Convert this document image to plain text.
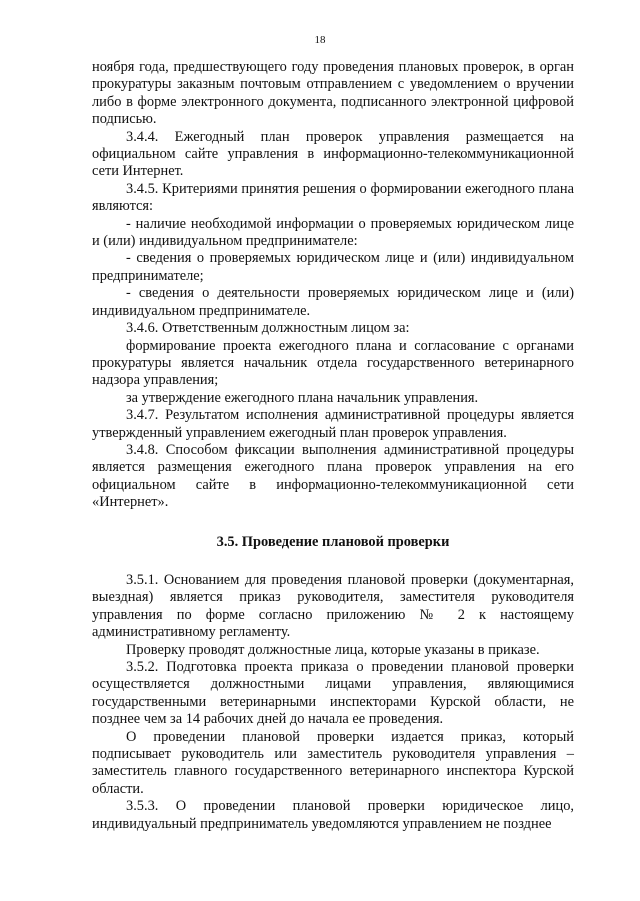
18

ноября года, предшествующего году проведения плановых проверок, в орган прокуратуры заказным почтовым отправлением с уведомлением о вручении либо в форме электронного документа, подписанного электронной цифровой подписью.

3.4.4. Ежегодный план проверок управления размещается на официальном сайте управления в информационно-телекоммуникационной сети Интернет.

3.4.5. Критериями принятия решения о формировании ежегодного плана являются:

- наличие необходимой информации о проверяемых юридическом лице и (или) индивидуальном предпринимателе:

- сведения о проверяемых юридическом лице и (или) индивидуальном предпринимателе;

- сведения о деятельности проверяемых юридическом лице и (или) индивидуальном предпринимателе.

3.4.6. Ответственным должностным лицом за:

формирование проекта ежегодного плана и согласование с органами прокуратуры является начальник отдела государственного ветеринарного надзора управления;

за утверждение ежегодного плана начальник управления.

3.4.7. Результатом исполнения административной процедуры является утвержденный управлением ежегодный план проверок управления.

3.4.8. Способом фиксации выполнения административной процедуры является размещения ежегодного плана проверок управления на его официальном сайте в информационно-телекоммуникационной сети «Интернет».

3.5. Проведение плановой проверки

3.5.1. Основанием для проведения плановой проверки (документарная, выездная) является приказ руководителя, заместителя руководителя управления по форме согласно приложению № 2 к настоящему административному регламенту.

Проверку проводят должностные лица, которые указаны в приказе.

3.5.2. Подготовка проекта приказа о проведении плановой проверки осуществляется должностными лицами управления, являющимися государственными ветеринарными инспекторами Курской области, не позднее чем за 14 рабочих дней до начала ее проведения.

О проведении плановой проверки издается приказ, который подписывает руководитель или заместитель руководителя управления – заместитель главного государственного ветеринарного инспектора Курской области.

3.5.3. О проведении плановой проверки юридическое лицо, индивидуальный предприниматель уведомляются управлением не позднее
